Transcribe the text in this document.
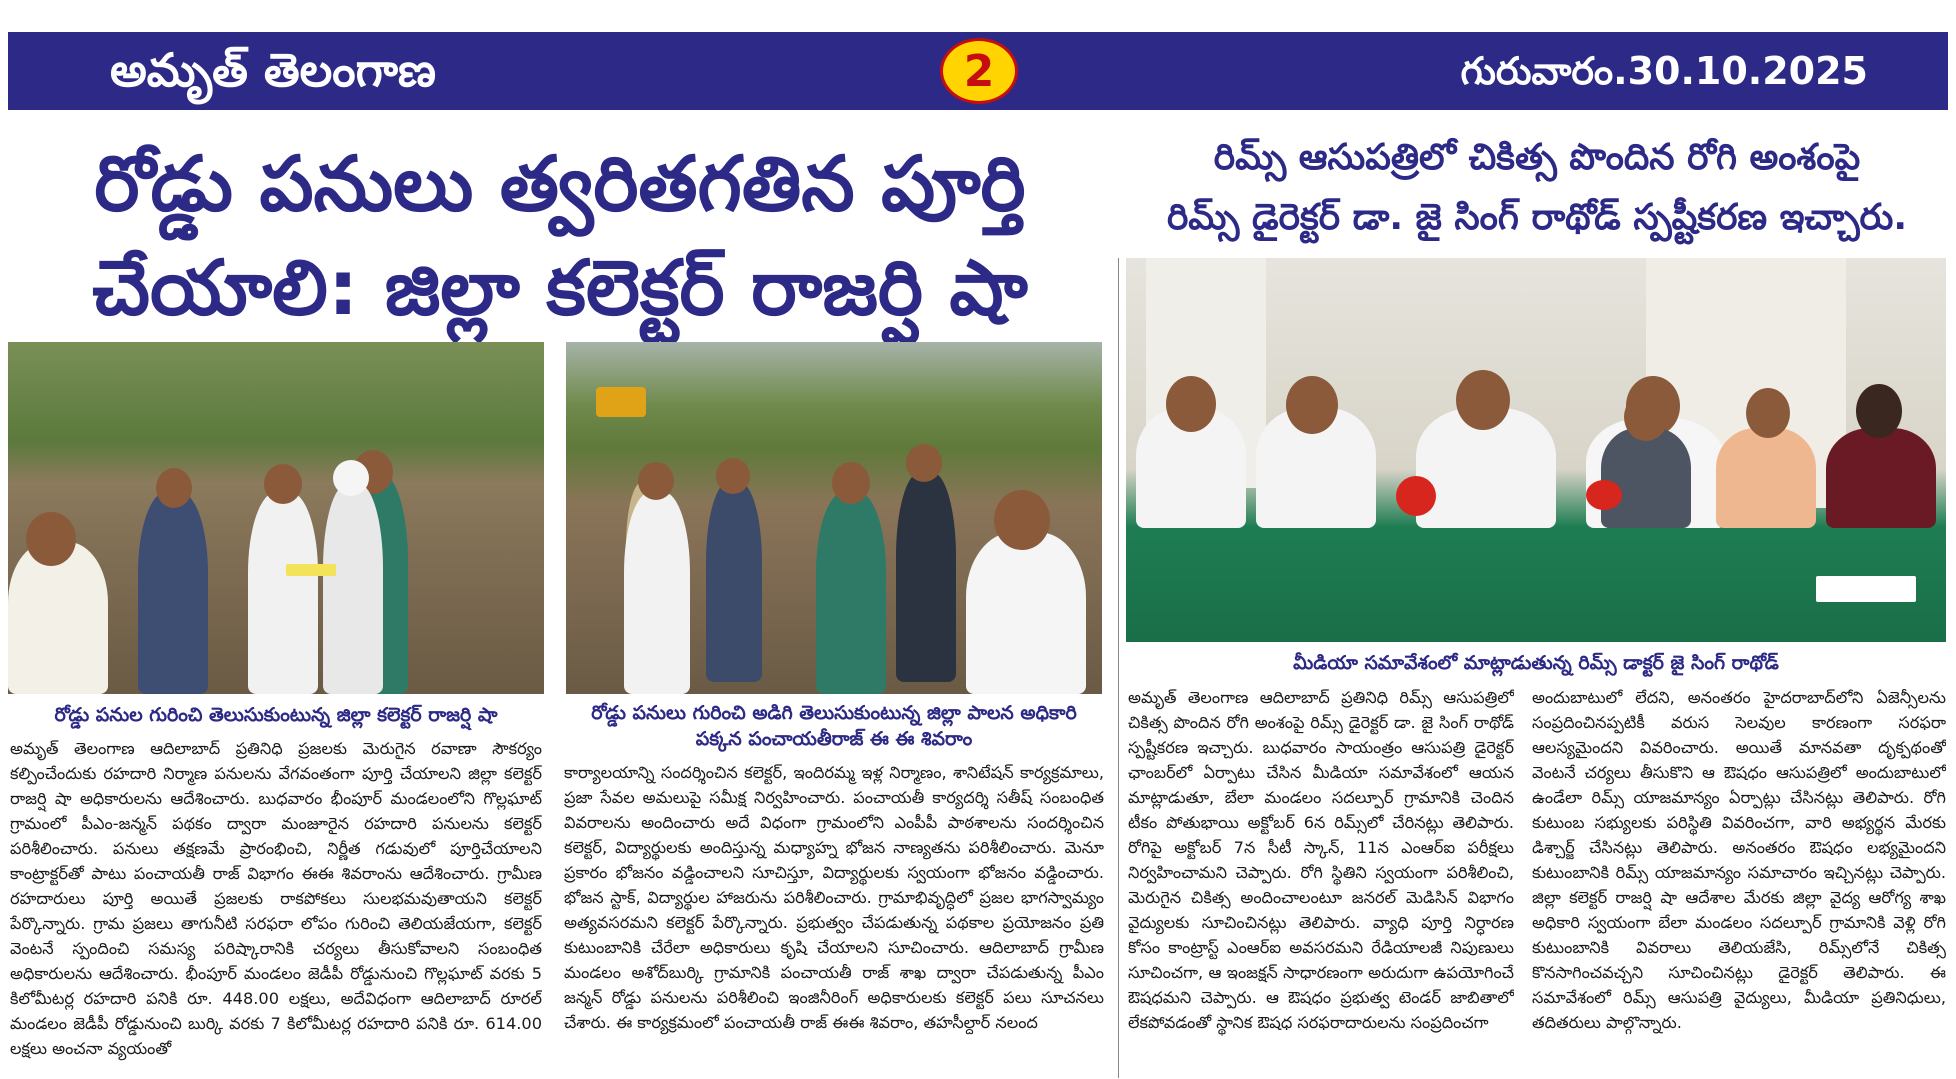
అమృత్ తెలంగాణ	2	గురువారం.30.10.2025
రోడ్డు పనులు త్వరితగతిన పూర్తి
చేయాలి: జిల్లా కలెక్టర్ రాజర్షి షా
రిమ్స్ ఆసుపత్రిలో చికిత్స పొందిన రోగి అంశంపై
రిమ్స్ డైరెక్టర్ డా. జై సింగ్ రాథోడ్ స్పష్టీకరణ ఇచ్చారు.
రోడ్డు పనుల గురించి తెలుసుకుంటున్న జిల్లా కలెక్టర్ రాజర్షి షా	రోడ్డు పనులు గురించి అడిగి తెలుసుకుంటున్న జిల్లా పాలన అధికారి పక్కన పంచాయతీరాజ్ ఈ ఈ శివరాం
మీడియా సమావేశంలో మాట్లాడుతున్న రిమ్స్ డాక్టర్ జై సింగ్ రాథోడ్

అమృత్ తెలంగాణ ఆదిలాబాద్ ప్రతినిధి ప్రజలకు మెరుగైన రవాణా సౌకర్యం కల్పించేందుకు రహదారి నిర్మాణ పనులను వేగవంతంగా పూర్తి చేయాలని జిల్లా కలెక్టర్ రాజర్షి షా అధికారులను ఆదేశించారు. బుధవారం భీంపూర్ మండలంలోని గొల్లఘాట్ గ్రామంలో పీఎం-జన్మన్ పథకం ద్వారా మంజూరైన రహదారి పనులను కలెక్టర్ పరిశీలించారు. పనులు తక్షణమే ప్రారంభించి, నిర్ణీత గడువులో పూర్తిచేయాలని కాంట్రాక్టర్‌తో పాటు పంచాయతీ రాజ్ విభాగం ఈఈ శివరాంను ఆదేశించారు. గ్రామీణ రహదారులు పూర్తి అయితే ప్రజలకు రాకపోకలు సులభమవుతాయని కలెక్టర్ పేర్కొన్నారు. గ్రామ ప్రజలు తాగునీటి సరఫరా లోపం గురించి తెలియజేయగా, కలెక్టర్ వెంటనే స్పందించి సమస్య పరిష్కారానికి చర్యలు తీసుకోవాలని సంబంధిత అధికారులను ఆదేశించారు. భీంపూర్ మండలం జెడీపీ రోడ్డునుంచి గొల్లఘాట్ వరకు 5 కిలోమీటర్ల రహదారి పనికి రూ. 448.00 లక్షలు, అదేవిధంగా ఆదిలాబాద్ రూరల్ మండలం జెడీపీ రోడ్డునుంచి బుర్కి వరకు 7 కిలోమీటర్ల రహదారి పనికి రూ. 614.00 లక్షలు అంచనా వ్యయంతో

కార్యాలయాన్ని సందర్శించిన కలెక్టర్, ఇందిరమ్మ ఇళ్ల నిర్మాణం, శానిటేషన్ కార్యక్రమాలు, ప్రజా సేవల అమలుపై సమీక్ష నిర్వహించారు. పంచాయతీ కార్యదర్శి సతీష్ సంబంధిత వివరాలను అందించారు అదే విధంగా గ్రామంలోని ఎంపీపీ పాఠశాలను సందర్శించిన కలెక్టర్, విద్యార్థులకు అందిస్తున్న మధ్యాహ్న భోజన నాణ్యతను పరిశీలించారు. మెనూ ప్రకారం భోజనం వడ్డించాలని సూచిస్తూ, విద్యార్థులకు స్వయంగా భోజనం వడ్డించారు. భోజన స్టాక్, విద్యార్థుల హాజరును పరిశీలించారు. గ్రామాభివృద్ధిలో ప్రజల భాగస్వామ్యం అత్యవసరమని కలెక్టర్ పేర్కొన్నారు. ప్రభుత్వం చేపడుతున్న పథకాల ప్రయోజనం ప్రతి కుటుంబానికి చేరేలా అధికారులు కృషి చేయాలని సూచించారు. ఆదిలాబాద్ గ్రామీణ మండలం అశోద్‌బుర్కి గ్రామానికి పంచాయతీ రాజ్ శాఖ ద్వారా చేపడుతున్న పీఎం జన్మన్ రోడ్డు పనులను పరిశీలించి ఇంజినీరింగ్ అధికారులకు కలెక్టర్ పలు సూచనలు చేశారు. ఈ కార్యక్రమంలో పంచాయతీ రాజ్ ఈఈ శివరాం, తహసీల్దార్ నలంద

అమృత్ తెలంగాణ ఆదిలాబాద్ ప్రతినిధి రిమ్స్ ఆసుపత్రిలో చికిత్స పొందిన రోగి అంశంపై రిమ్స్ డైరెక్టర్ డా. జై సింగ్ రాథోడ్ స్పష్టీకరణ ఇచ్చారు. బుధవారం సాయంత్రం ఆసుపత్రి డైరెక్టర్ ఛాంబర్‌లో ఏర్పాటు చేసిన మీడియా సమావేశంలో ఆయన మాట్లాడుతూ, బేలా మండలం సదల్పూర్ గ్రామానికి చెందిన టీకం పోతుభాయి అక్టోబర్ 6న రిమ్స్‌లో చేరినట్లు తెలిపారు. రోగిపై అక్టోబర్ 7న సీటీ స్కాన్, 11న ఎంఆర్‌ఐ పరీక్షలు నిర్వహించామని చెప్పారు. రోగి స్థితిని స్వయంగా పరిశీలించి, మెరుగైన చికిత్స అందించాలంటూ జనరల్ మెడిసిన్ విభాగం వైద్యులకు సూచించినట్లు తెలిపారు. వ్యాధి పూర్తి నిర్ధారణ కోసం కాంట్రాస్ట్ ఎంఆర్‌ఐ అవసరమని రేడియాలజీ నిపుణులు సూచించగా, ఆ ఇంజక్షన్ సాధారణంగా అరుదుగా ఉపయోగించే ఔషధమని చెప్పారు. ఆ ఔషధం ప్రభుత్వ టెండర్ జాబితాలో లేకపోవడంతో స్థానిక ఔషధ సరఫరాదారులను సంప్రదించగా

అందుబాటులో లేదని, అనంతరం హైదరాబాద్‌లోని ఏజెన్సీలను సంప్రదించినప్పటికీ వరుస సెలవుల కారణంగా సరఫరా ఆలస్యమైందని వివరించారు. అయితే మానవతా దృక్పథంతో వెంటనే చర్యలు తీసుకొని ఆ ఔషధం ఆసుపత్రిలో అందుబాటులో ఉండేలా రిమ్స్ యాజమాన్యం ఏర్పాట్లు చేసినట్లు తెలిపారు. రోగి కుటుంబ సభ్యులకు పరిస్థితి వివరించగా, వారి అభ్యర్థన మేరకు డిశ్చార్జ్ చేసినట్లు తెలిపారు. అనంతరం ఔషధం లభ్యమైందని కుటుంబానికి రిమ్స్ యాజమాన్యం సమాచారం ఇచ్చినట్లు చెప్పారు. జిల్లా కలెక్టర్ రాజర్షి షా ఆదేశాల మేరకు జిల్లా వైద్య ఆరోగ్య శాఖ అధికారి స్వయంగా బేలా మండలం సదల్పూర్ గ్రామానికి వెళ్లి రోగి కుటుంబానికి వివరాలు తెలియజేసి, రిమ్స్‌లోనే చికిత్స కొనసాగించవచ్చని సూచించినట్లు డైరెక్టర్ తెలిపారు. ఈ సమావేశంలో రిమ్స్ ఆసుపత్రి వైద్యులు, మీడియా ప్రతినిధులు, తదితరులు పాల్గొన్నారు.
